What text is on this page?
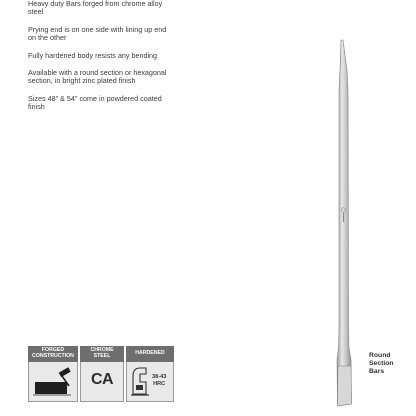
Heavy duty Bars forged from chrome alloy steel
Prying end is on one side with lining up end on the other
Fully hardened body resists any bending
Available with a round section or hexagonal section, in bright zinc plated finish
Sizes 48" & 54" come in powdered coated finish
Round
Section
Bars
FORGED
CONSTRUCTION
CHROME
STEEL
CA
HARDENED
38-43
HRC
